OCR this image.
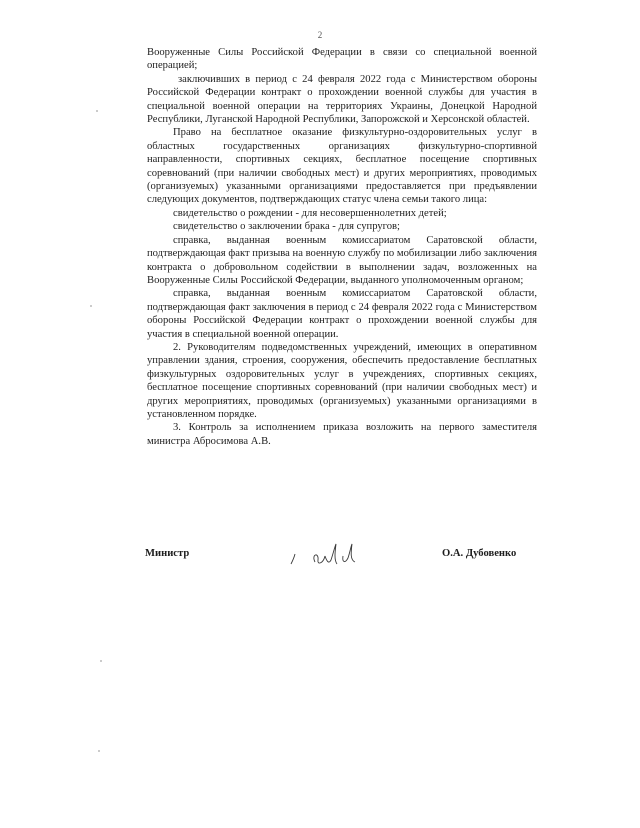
2

Вооруженные Силы Российской Федерации в связи со специальной военной операцией;

заключивших в период с 24 февраля 2022 года с Министерством обороны Российской Федерации контракт о прохождении военной службы для участия в специальной военной операции на территориях Украины, Донецкой Народной Республики, Луганской Народной Республики, Запорожской и Херсонской областей.

Право на бесплатное оказание физкультурно-оздоровительных услуг в областных государственных организациях физкультурно-спортивной направленности, спортивных секциях, бесплатное посещение спортивных соревнований (при наличии свободных мест) и других мероприятиях, проводимых (организуемых) указанными организациями предоставляется при предъявлении следующих документов, подтверждающих статус члена семьи такого лица:

свидетельство о рождении - для несовершеннолетних детей;

свидетельство о заключении брака - для супругов;

справка, выданная военным комиссариатом Саратовской области, подтверждающая факт призыва на военную службу по мобилизации либо заключения контракта о добровольном содействии в выполнении задач, возложенных на Вооруженные Силы Российской Федерации, выданного уполномоченным органом;

справка, выданная военным комиссариатом Саратовской области, подтверждающая факт заключения в период с 24 февраля 2022 года с Министерством обороны Российской Федерации контракт о прохождении военной службы для участия в специальной военной операции.

2. Руководителям подведомственных учреждений, имеющих в оперативном управлении здания, строения, сооружения, обеспечить предоставление бесплатных физкультурных оздоровительных услуг в учреждениях, спортивных секциях, бесплатное посещение спортивных соревнований (при наличии свободных мест) и других мероприятиях, проводимых (организуемых) указанными организациями в установленном порядке.

3. Контроль за исполнением приказа возложить на первого заместителя министра Абросимова А.В.

Министр	О.А. Дубовенко
